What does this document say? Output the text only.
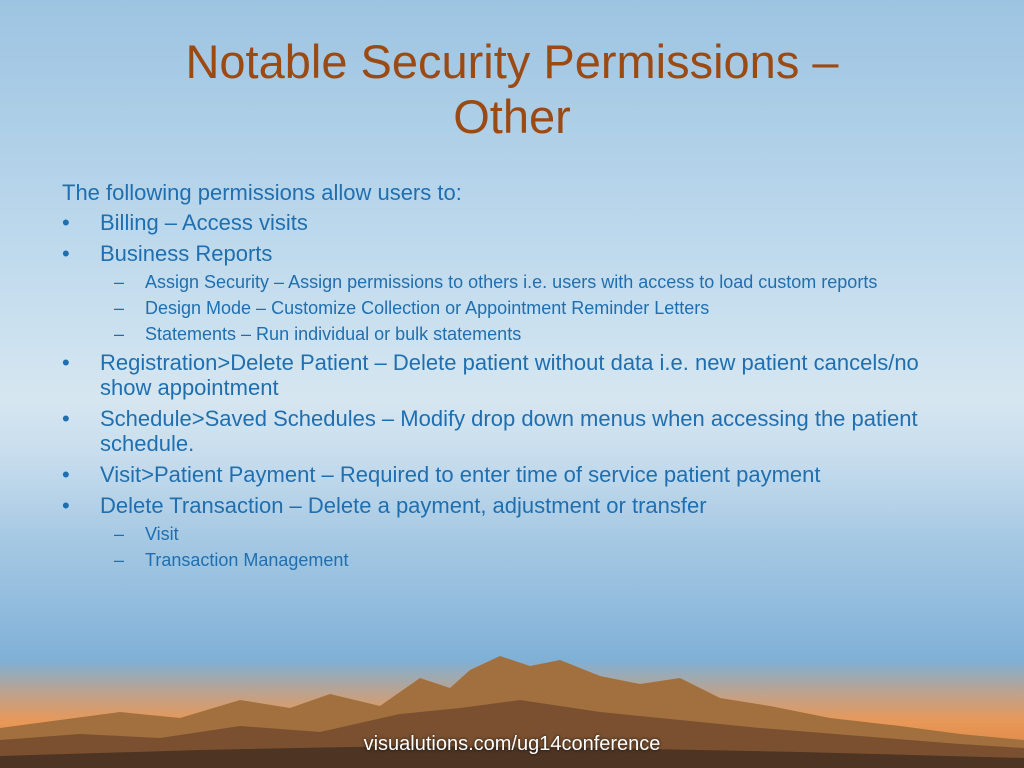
Notable Security Permissions –
Other

The following permissions allow users to:

• Billing – Access visits
• Business Reports
– Assign Security – Assign permissions to others i.e. users with access to load custom reports
– Design Mode – Customize Collection or Appointment Reminder Letters
– Statements – Run individual or bulk statements
• Registration>Delete Patient – Delete patient without data i.e. new patient cancels/no show appointment
• Schedule>Saved Schedules – Modify drop down menus when accessing the patient schedule.
• Visit>Patient Payment – Required to enter time of service patient payment
• Delete Transaction – Delete a payment, adjustment or transfer
– Visit
– Transaction Management
visualutions.com/ug14conference
